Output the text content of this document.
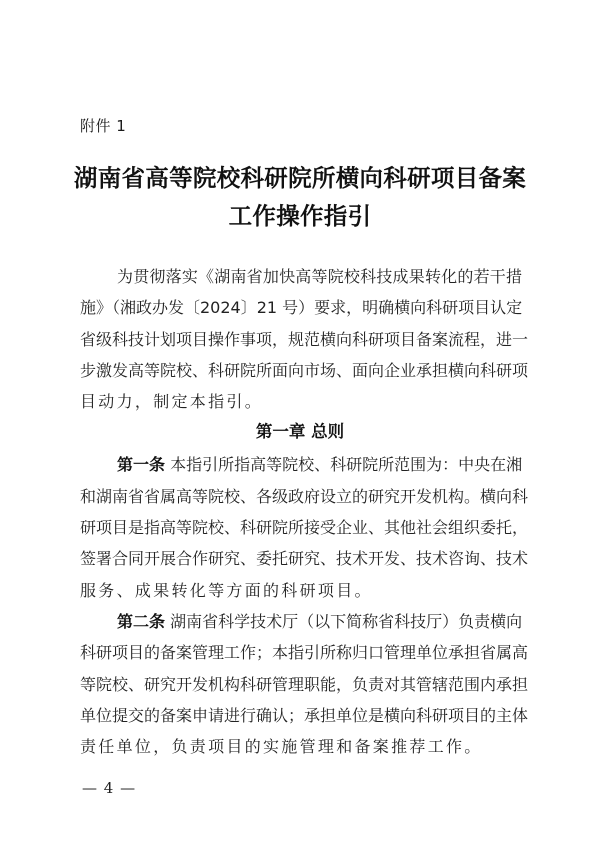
附件 1
湖南省高等院校科研院所横向科研项目备案
工作操作指引
为贯彻落实《湖南省加快高等院校科技成果转化的若干措
施》（湘政办发〔2024〕21 号）要求，明确横向科研项目认定
省级科技计划项目操作事项，规范横向科研项目备案流程，进一
步激发高等院校、科研院所面向市场、面向企业承担横向科研项
目动力，制定本指引。
第一章 总则
第一条 本指引所指高等院校、科研院所范围为：中央在湘
和湖南省省属高等院校、各级政府设立的研究开发机构。横向科
研项目是指高等院校、科研院所接受企业、其他社会组织委托，
签署合同开展合作研究、委托研究、技术开发、技术咨询、技术
服务、成果转化等方面的科研项目。
第二条 湖南省科学技术厅（以下简称省科技厅）负责横向
科研项目的备案管理工作；本指引所称归口管理单位承担省属高
等院校、研究开发机构科研管理职能，负责对其管辖范围内承担
单位提交的备案申请进行确认；承担单位是横向科研项目的主体
责任单位，负责项目的实施管理和备案推荐工作。
— 4 —
